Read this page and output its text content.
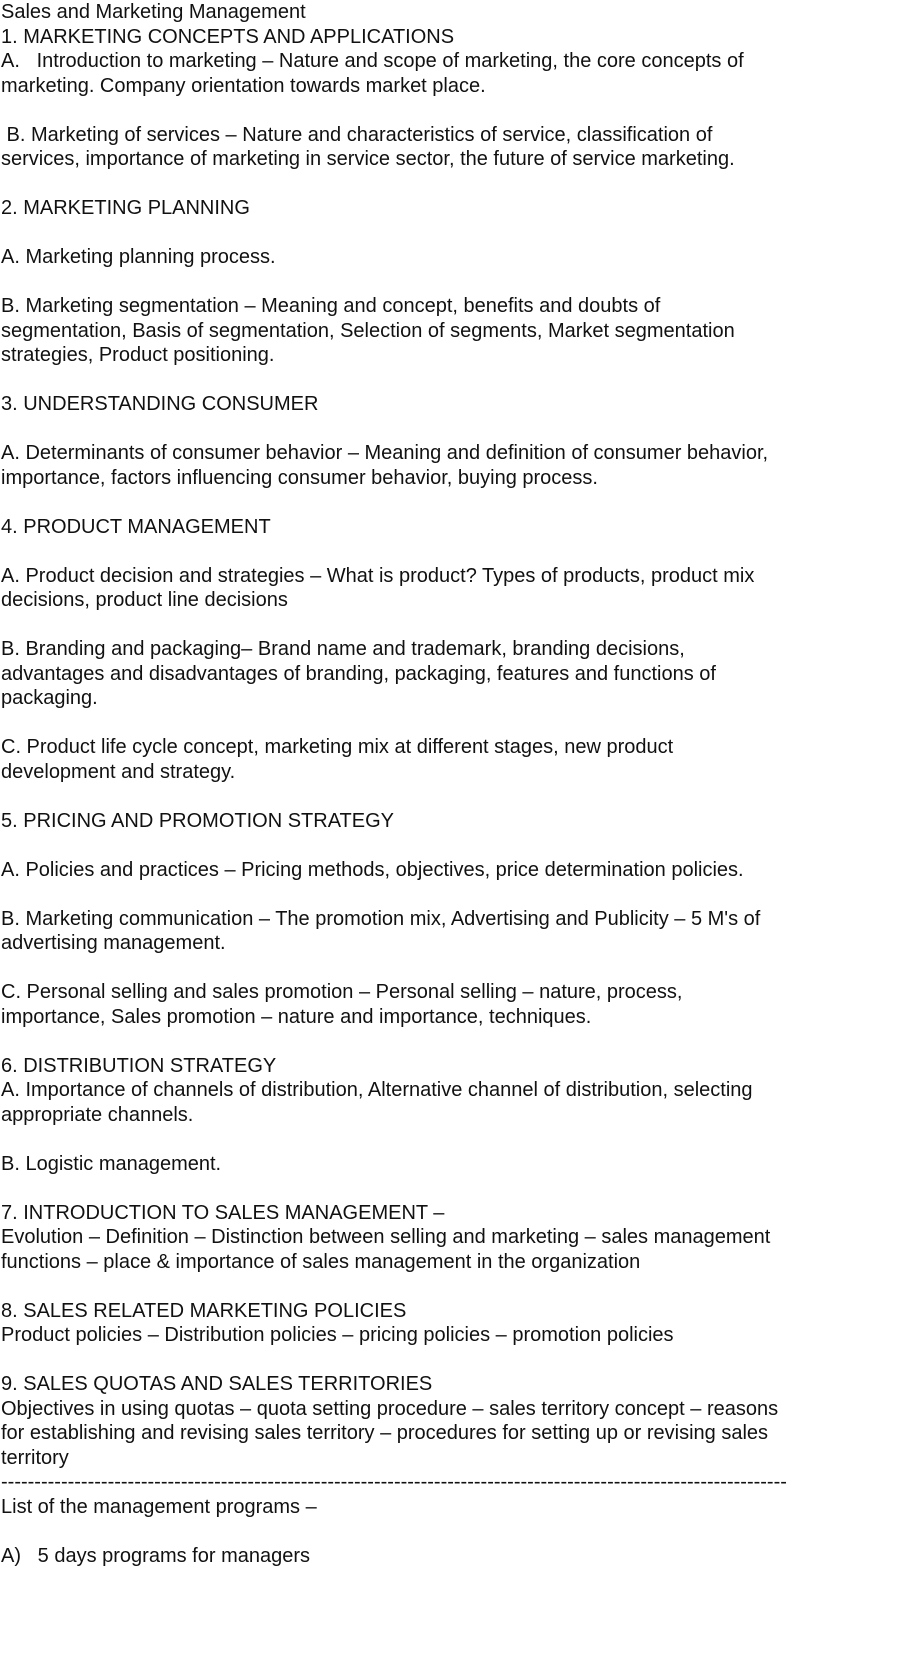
Sales and Marketing Management
1. MARKETING CONCEPTS AND APPLICATIONS
A.   Introduction to marketing – Nature and scope of marketing, the core concepts of
marketing. Company orientation towards market place.
B. Marketing of services – Nature and characteristics of service, classification of
services, importance of marketing in service sector, the future of service marketing.
2. MARKETING PLANNING
A. Marketing planning process.
B. Marketing segmentation – Meaning and concept, benefits and doubts of
segmentation, Basis of segmentation, Selection of segments, Market segmentation
strategies, Product positioning.
3. UNDERSTANDING CONSUMER
A. Determinants of consumer behavior – Meaning and definition of consumer behavior,
importance, factors influencing consumer behavior, buying process.
4. PRODUCT MANAGEMENT
A. Product decision and strategies – What is product? Types of products, product mix
decisions, product line decisions
B. Branding and packaging– Brand name and trademark, branding decisions,
advantages and disadvantages of branding, packaging, features and functions of
packaging.
C. Product life cycle concept, marketing mix at different stages, new product
development and strategy.
5. PRICING AND PROMOTION STRATEGY
A. Policies and practices – Pricing methods, objectives, price determination policies.
B. Marketing communication – The promotion mix, Advertising and Publicity – 5 M's of
advertising management.
C. Personal selling and sales promotion – Personal selling – nature, process,
importance, Sales promotion – nature and importance, techniques.
6. DISTRIBUTION STRATEGY
A. Importance of channels of distribution, Alternative channel of distribution, selecting
appropriate channels.
B. Logistic management.
7. INTRODUCTION TO SALES MANAGEMENT –
Evolution – Definition – Distinction between selling and marketing – sales management
functions – place & importance of sales management in the organization
8. SALES RELATED MARKETING POLICIES
Product policies – Distribution policies – pricing policies – promotion policies
9. SALES QUOTAS AND SALES TERRITORIES
Objectives in using quotas – quota setting procedure – sales territory concept – reasons
for establishing and revising sales territory – procedures for setting up or revising sales
territory
----------------------------------------------------------------------------------------------------------------------
List of the management programs –
A)   5 days programs for managers
